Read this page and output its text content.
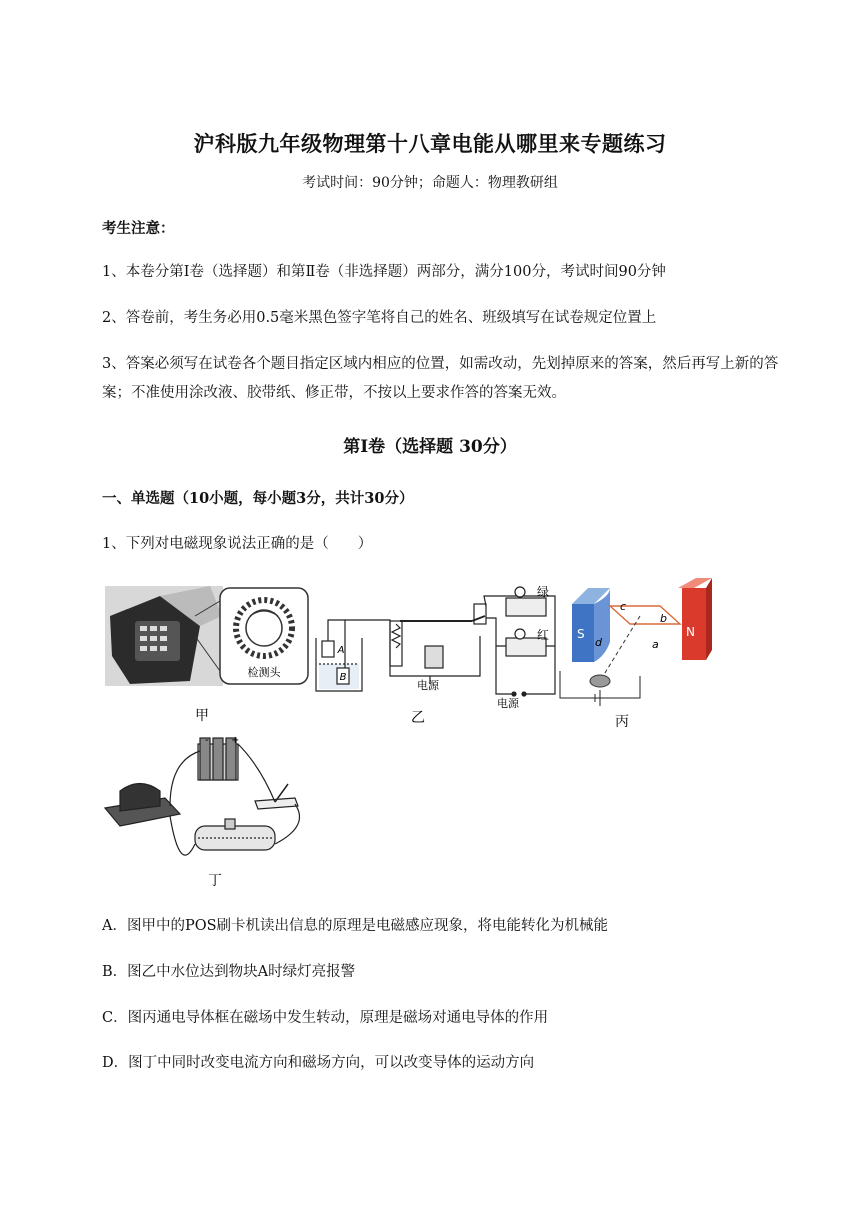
沪科版九年级物理第十八章电能从哪里来专题练习
考试时间：90分钟；命题人：物理教研组
考生注意：
1、本卷分第Ⅰ卷（选择题）和第Ⅱ卷（非选择题）两部分，满分100分，考试时间90分钟
2、答卷前，考生务必用0.5毫米黑色签字笔将自己的姓名、班级填写在试卷规定位置上
3、答案必须写在试卷各个题目指定区域内相应的位置，如需改动，先划掉原来的答案，然后再写上新的答案；不准使用涂改液、胶带纸、修正带，不按以上要求作答的答案无效。
第Ⅰ卷（选择题 30分）
一、单选题（10小题，每小题3分，共计30分）
1、下列对电磁现象说法正确的是（　　）
检测头
甲
A
B
电源
电源
绿
红
乙
S	N
a
b
c
d
丙
- +
丁
A．图甲中的POS刷卡机读出信息的原理是电磁感应现象，将电能转化为机械能
B．图乙中水位达到物块A时绿灯亮报警
C．图丙通电导体框在磁场中发生转动，原理是磁场对通电导体的作用
D．图丁中同时改变电流方向和磁场方向，可以改变导体的运动方向
